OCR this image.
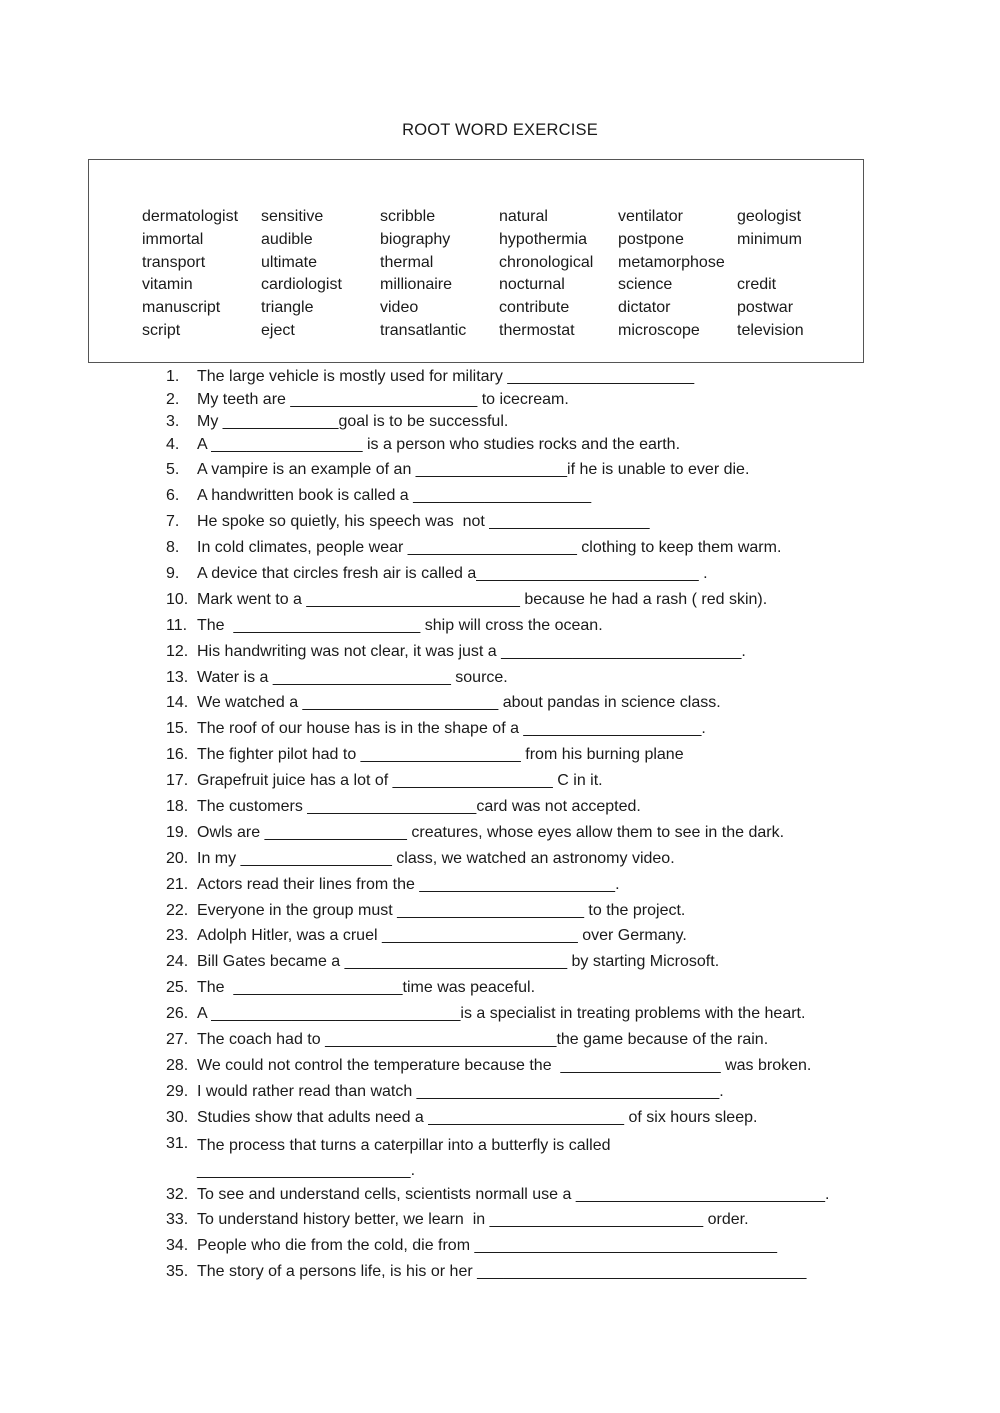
ROOT WORD EXERCISE
dermatologist	sensitive	scribble	natural	ventilator	geologist
immortal	audible	biography	hypothermia	postpone	minimum
transport	ultimate	thermal	chronological	metamorphose
vitamin	cardiologist	millionaire	nocturnal	science	credit
manuscript	triangle	video	contribute	dictator	postwar
script	eject	transatlantic	thermostat	microscope	television
1.	The large vehicle is mostly used for military _____________________
2.	My teeth are _____________________ to icecream.
3.	My _____________goal is to be successful.
4.	A _________________ is a person who studies rocks and the earth.
5.	A vampire is an example of an _________________if he is unable to ever die.
6.	A handwritten book is called a ____________________
7.	He spoke so quietly, his speech was  not __________________
8.	In cold climates, people wear ___________________ clothing to keep them warm.
9.	A device that circles fresh air is called a_________________________ .
10. Mark went to a ________________________ because he had a rash ( red skin).
11. The  _____________________ ship will cross the ocean.
12. His handwriting was not clear, it was just a ___________________________.
13. Water is a ____________________ source.
14. We watched a ______________________ about pandas in science class.
15. The roof of our house has is in the shape of a ____________________.
16. The fighter pilot had to __________________ from his burning plane
17. Grapefruit juice has a lot of __________________ C in it.
18. The customers ___________________card was not accepted.
19. Owls are ________________ creatures, whose eyes allow them to see in the dark.
20. In my _________________ class, we watched an astronomy video.
21. Actors read their lines from the ______________________.
22. Everyone in the group must _____________________ to the project.
23. Adolph Hitler, was a cruel ______________________ over Germany.
24. Bill Gates became a _________________________ by starting Microsoft.
25. The  ___________________time was peaceful.
26. A ____________________________is a specialist in treating problems with the heart.
27. The coach had to __________________________the game because of the rain.
28. We could not control the temperature because the  __________________ was broken.
29. I would rather read than watch __________________________________.
30. Studies show that adults need a ______________________ of six hours sleep.
31. The process that turns a caterpillar into a butterfly is called
________________________.
32. To see and understand cells, scientists normall use a ____________________________.
33. To understand history better, we learn  in ________________________ order.
34. People who die from the cold, die from __________________________________
35. The story of a persons life, is his or her _____________________________________
